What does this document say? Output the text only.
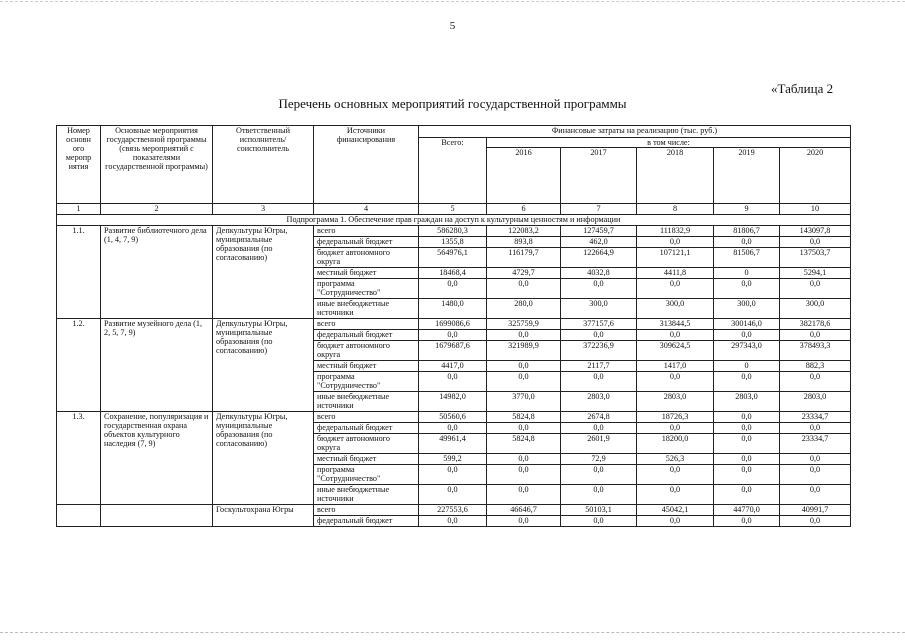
5
«Таблица 2
Перечень основных мероприятий государственной программы
Номер основн ого меропр иятия	Основные мероприятия государственной программы (связь мероприятий с показателями государственной программы)	Ответственный исполнитель/соисполнитель	Источники финансирования	Финансовые затраты на реализацию (тыс. руб.)					
				Всего:	в том числе:				
					2016	2017	2018	2019	2020
1	2	3	4	5	6	7	8	9	10
Подпрограмма 1. Обеспечение прав граждан на доступ к культурным ценностям и информации									
1.1.	Развитие библиотечного дела (1, 4, 7, 9)	Депкультуры Югры, муниципальные образования (по согласованию)	всего	586280,3	122083,2	127459,7	111832,9	81806,7	143097,8
			федеральный бюджет	1355,8	893,8	462,0	0,0	0,0	0,0
			бюджет автономного округа	564976,1	116179,7	122664,9	107121,1	81506,7	137503,7
			местный бюджет	18468,4	4729,7	4032,8	4411,8	0	5294,1
			программа "Сотрудничество"	0,0	0,0	0,0	0,0	0,0	0,0
			иные внебюджетные источники	1480,0	280,0	300,0	300,0	300,0	300,0
1.2.	Развитие музейного дела (1, 2, 5, 7, 9)	Депкультуры Югры, муниципальные образования (по согласованию)	всего	1699086,6	325759,9	377157,6	313844,5	300146,0	382178,6
			федеральный бюджет	0,0	0,0	0,0	0,0	0,0	0,0
			бюджет автономного округа	1679687,6	321989,9	372236,9	309624,5	297343,0	378493,3
			местный бюджет	4417,0	0,0	2117,7	1417,0	0	882,3
			программа "Сотрудничество"	0,0	0,0	0,0	0,0	0,0	0,0
			иные внебюджетные источники	14982,0	3770,0	2803,0	2803,0	2803,0	2803,0
1.3.	Сохранение, популяризация и государственная охрана объектов культурного наследия (7, 9)	Депкультуры Югры, муниципальные образования (по согласованию)	всего	50560,6	5824,8	2674,8	18726,3	0,0	23334,7
			федеральный бюджет	0,0	0,0	0,0	0,0	0,0	0,0
			бюджет автономного округа	49961,4	5824,8	2601,9	18200,0	0,0	23334,7
			местный бюджет	599,2	0,0	72,9	526,3	0,0	0,0
			программа "Сотрудничество"	0,0	0,0	0,0	0,0	0,0	0,0
			иные внебюджетные источники	0,0	0,0	0,0	0,0	0,0	0,0
		Госкультохрана Югры	всего	227553,6	46646,7	50103,1	45042,1	44770,0	40991,7
			федеральный бюджет	0,0	0,0	0,0	0,0	0,0	0,0
